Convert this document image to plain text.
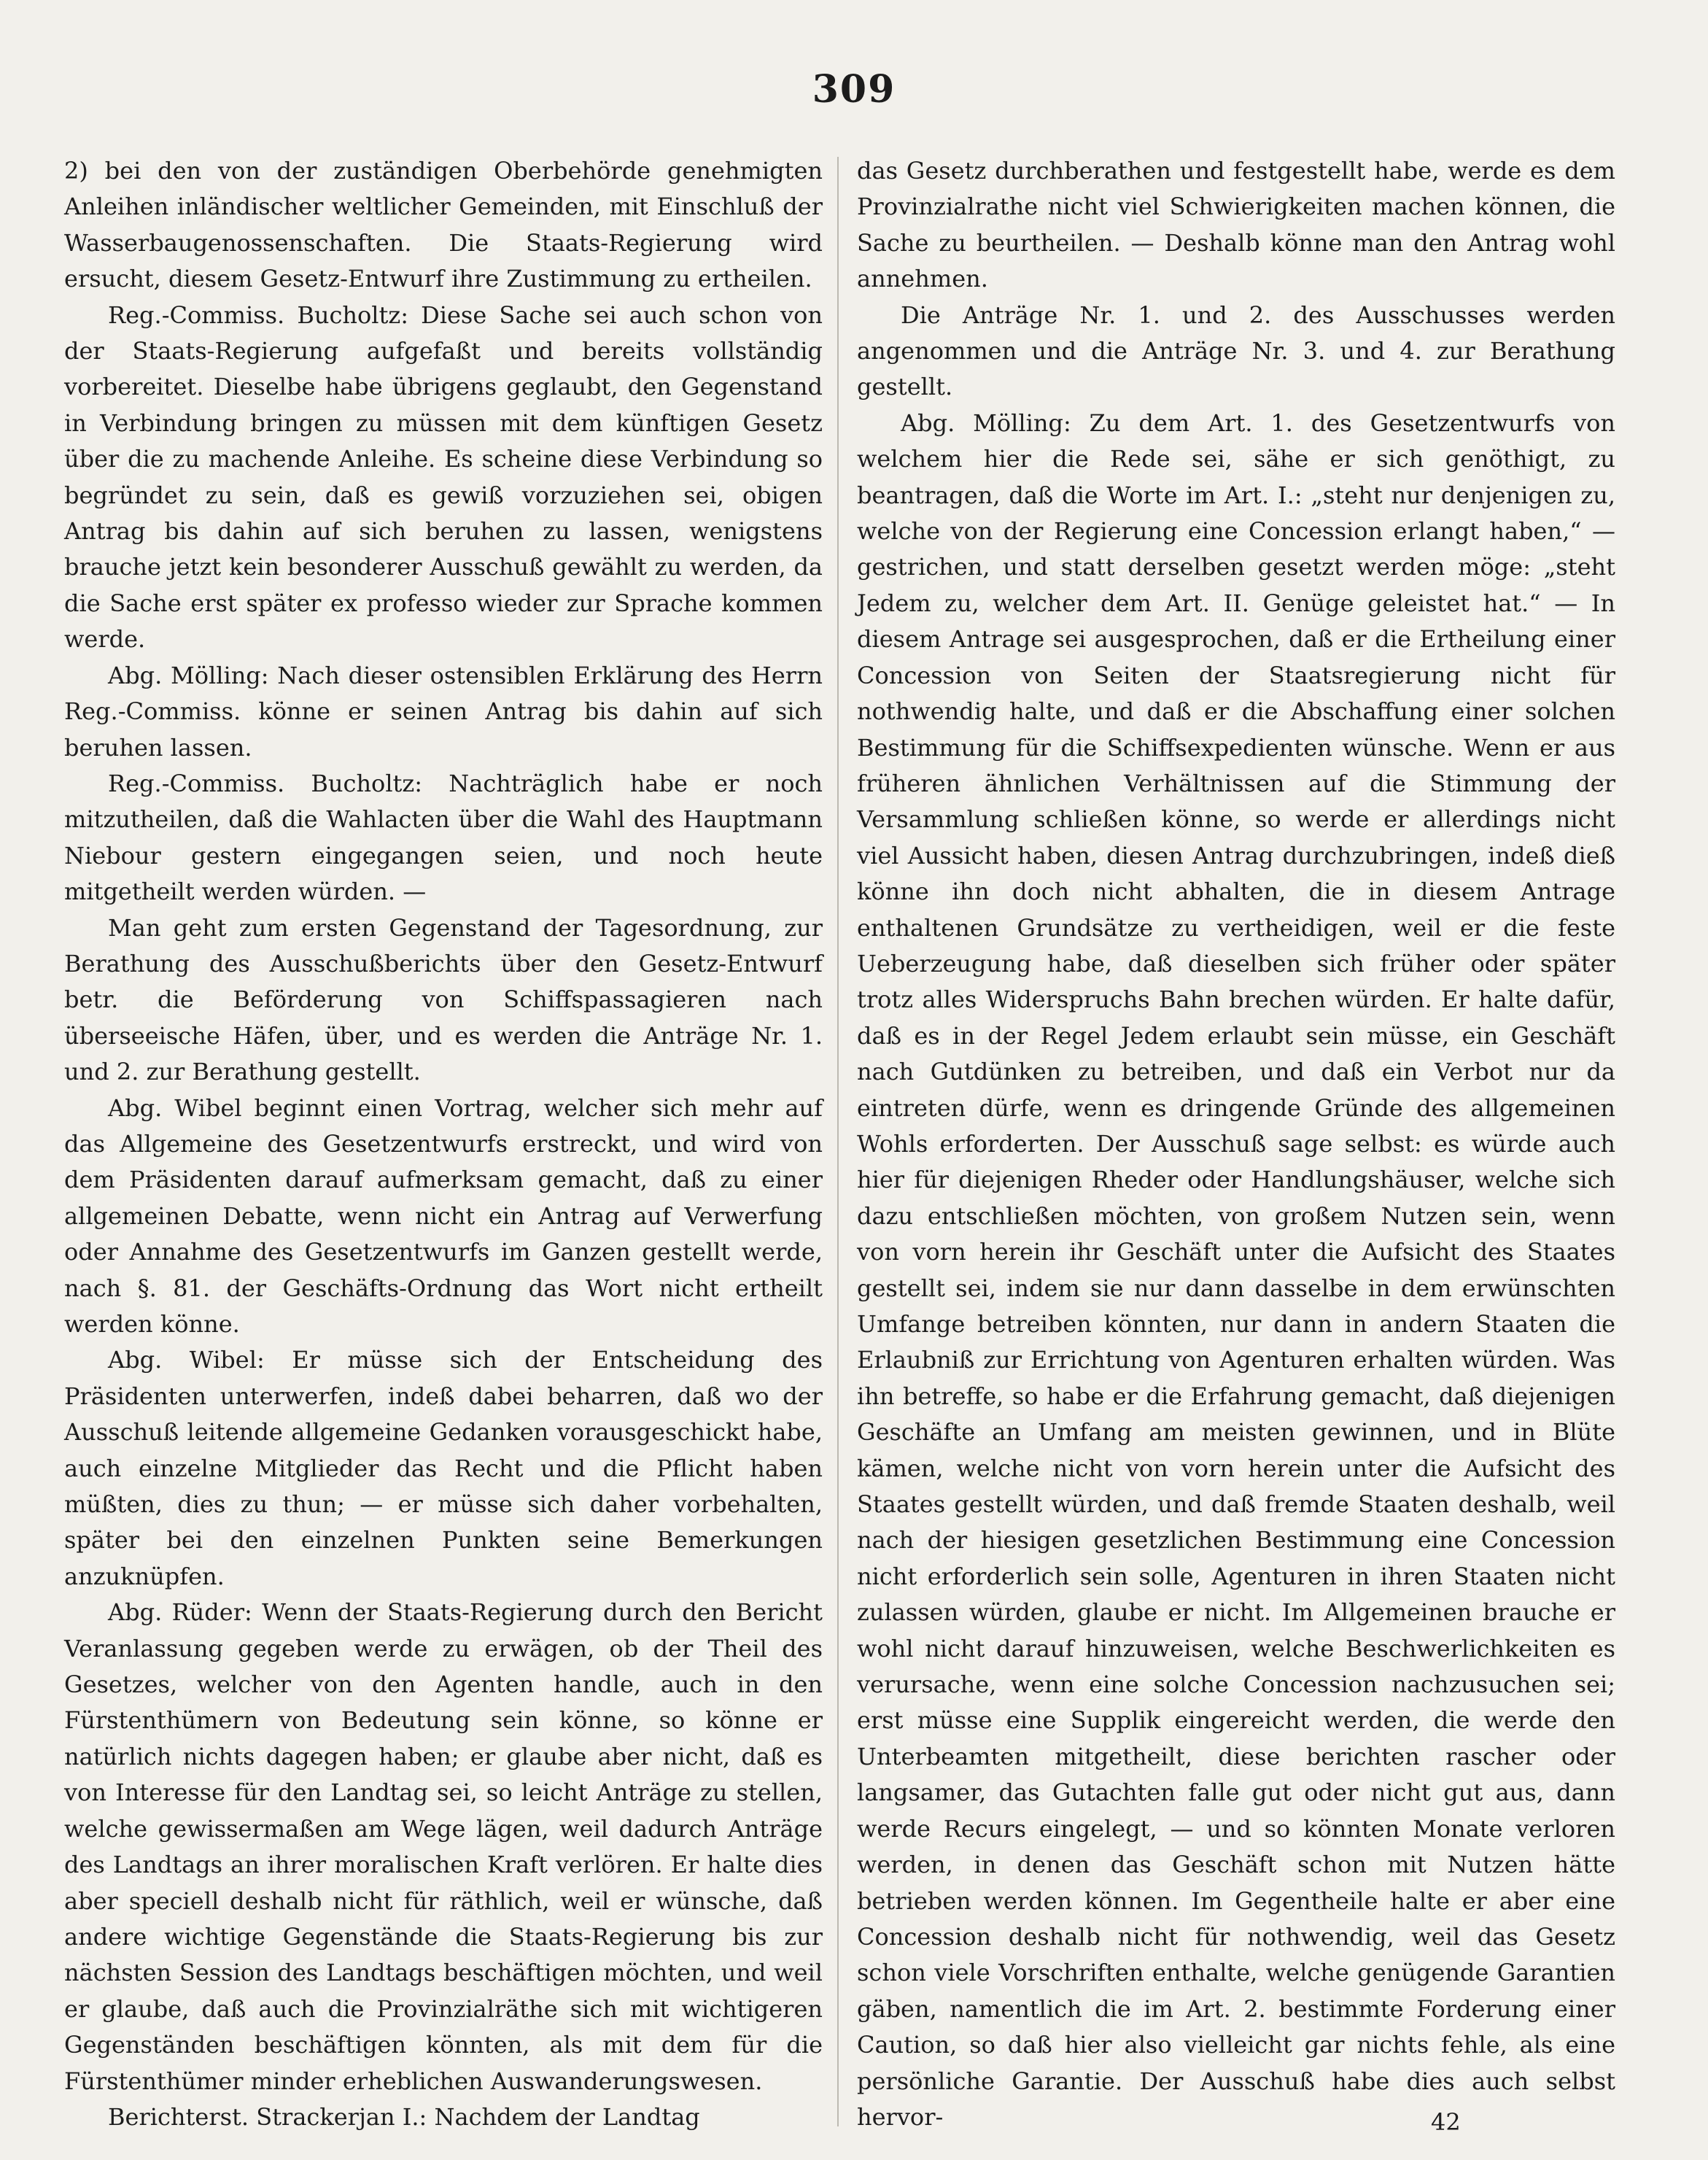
309

2) bei den von der zuständigen Oberbehörde genehmigten Anleihen inländischer weltlicher Gemeinden, mit Einschluß der Wasserbaugenossenschaften. Die Staats-Regierung wird ersucht, diesem Gesetz-Entwurf ihre Zustimmung zu ertheilen.

Reg.-Commiss. Bucholtz: Diese Sache sei auch schon von der Staats-Regierung aufgefaßt und bereits vollständig vorbereitet. Dieselbe habe übrigens geglaubt, den Gegenstand in Verbindung bringen zu müssen mit dem künftigen Gesetz über die zu machende Anleihe. Es scheine diese Verbindung so begründet zu sein, daß es gewiß vorzuziehen sei, obigen Antrag bis dahin auf sich beruhen zu lassen, wenigstens brauche jetzt kein besonderer Ausschuß gewählt zu werden, da die Sache erst später ex professo wieder zur Sprache kommen werde.

Abg. Mölling: Nach dieser ostensiblen Erklärung des Herrn Reg.-Commiss. könne er seinen Antrag bis dahin auf sich beruhen lassen.

Reg.-Commiss. Bucholtz: Nachträglich habe er noch mitzutheilen, daß die Wahlacten über die Wahl des Hauptmann Niebour gestern eingegangen seien, und noch heute mitgetheilt werden würden. —

Man geht zum ersten Gegenstand der Tagesordnung, zur Berathung des Ausschußberichts über den Gesetz-Entwurf betr. die Beförderung von Schiffspassagieren nach überseeische Häfen, über, und es werden die Anträge Nr. 1. und 2. zur Berathung gestellt.

Abg. Wibel beginnt einen Vortrag, welcher sich mehr auf das Allgemeine des Gesetzentwurfs erstreckt, und wird von dem Präsidenten darauf aufmerksam gemacht, daß zu einer allgemeinen Debatte, wenn nicht ein Antrag auf Verwerfung oder Annahme des Gesetzentwurfs im Ganzen gestellt werde, nach §. 81. der Geschäfts-Ordnung das Wort nicht ertheilt werden könne.

Abg. Wibel: Er müsse sich der Entscheidung des Präsidenten unterwerfen, indeß dabei beharren, daß wo der Ausschuß leitende allgemeine Gedanken vorausgeschickt habe, auch einzelne Mitglieder das Recht und die Pflicht haben müßten, dies zu thun; — er müsse sich daher vorbehalten, später bei den einzelnen Punkten seine Bemerkungen anzuknüpfen.

Abg. Rüder: Wenn der Staats-Regierung durch den Bericht Veranlassung gegeben werde zu erwägen, ob der Theil des Gesetzes, welcher von den Agenten handle, auch in den Fürstenthümern von Bedeutung sein könne, so könne er natürlich nichts dagegen haben; er glaube aber nicht, daß es von Interesse für den Landtag sei, so leicht Anträge zu stellen, welche gewissermaßen am Wege lägen, weil dadurch Anträge des Landtags an ihrer moralischen Kraft verlören. Er halte dies aber speciell deshalb nicht für räthlich, weil er wünsche, daß andere wichtige Gegenstände die Staats-Regierung bis zur nächsten Session des Landtags beschäftigen möchten, und weil er glaube, daß auch die Provinzialräthe sich mit wichtigeren Gegenständen beschäftigen könnten, als mit dem für die Fürstenthümer minder erheblichen Auswanderungswesen.

Berichterst. Strackerjan I.: Nachdem der Landtag

das Gesetz durchberathen und festgestellt habe, werde es dem Provinzialrathe nicht viel Schwierigkeiten machen können, die Sache zu beurtheilen. — Deshalb könne man den Antrag wohl annehmen.

Die Anträge Nr. 1. und 2. des Ausschusses werden angenommen und die Anträge Nr. 3. und 4. zur Berathung gestellt.

Abg. Mölling: Zu dem Art. 1. des Gesetzentwurfs von welchem hier die Rede sei, sähe er sich genöthigt, zu beantragen, daß die Worte im Art. I.: „steht nur denjenigen zu, welche von der Regierung eine Concession erlangt haben,“ — gestrichen, und statt derselben gesetzt werden möge: „steht Jedem zu, welcher dem Art. II. Genüge geleistet hat.“ — In diesem Antrage sei ausgesprochen, daß er die Ertheilung einer Concession von Seiten der Staatsregierung nicht für nothwendig halte, und daß er die Abschaffung einer solchen Bestimmung für die Schiffsexpedienten wünsche. Wenn er aus früheren ähnlichen Verhältnissen auf die Stimmung der Versammlung schließen könne, so werde er allerdings nicht viel Aussicht haben, diesen Antrag durchzubringen, indeß dieß könne ihn doch nicht abhalten, die in diesem Antrage enthaltenen Grundsätze zu vertheidigen, weil er die feste Ueberzeugung habe, daß dieselben sich früher oder später trotz alles Widerspruchs Bahn brechen würden. Er halte dafür, daß es in der Regel Jedem erlaubt sein müsse, ein Geschäft nach Gutdünken zu betreiben, und daß ein Verbot nur da eintreten dürfe, wenn es dringende Gründe des allgemeinen Wohls erforderten. Der Ausschuß sage selbst: es würde auch hier für diejenigen Rheder oder Handlungshäuser, welche sich dazu entschließen möchten, von großem Nutzen sein, wenn von vorn herein ihr Geschäft unter die Aufsicht des Staates gestellt sei, indem sie nur dann dasselbe in dem erwünschten Umfange betreiben könnten, nur dann in andern Staaten die Erlaubniß zur Errichtung von Agenturen erhalten würden. Was ihn betreffe, so habe er die Erfahrung gemacht, daß diejenigen Geschäfte an Umfang am meisten gewinnen, und in Blüte kämen, welche nicht von vorn herein unter die Aufsicht des Staates gestellt würden, und daß fremde Staaten deshalb, weil nach der hiesigen gesetzlichen Bestimmung eine Concession nicht erforderlich sein solle, Agenturen in ihren Staaten nicht zulassen würden, glaube er nicht. Im Allgemeinen brauche er wohl nicht darauf hinzuweisen, welche Beschwerlichkeiten es verursache, wenn eine solche Concession nachzusuchen sei; erst müsse eine Supplik eingereicht werden, die werde den Unterbeamten mitgetheilt, diese berichten rascher oder langsamer, das Gutachten falle gut oder nicht gut aus, dann werde Recurs eingelegt, — und so könnten Monate verloren werden, in denen das Geschäft schon mit Nutzen hätte betrieben werden können. Im Gegentheile halte er aber eine Concession deshalb nicht für nothwendig, weil das Gesetz schon viele Vorschriften enthalte, welche genügende Garantien gäben, namentlich die im Art. 2. bestimmte Forderung einer Caution, so daß hier also vielleicht gar nichts fehle, als eine persönliche Garantie. Der Ausschuß habe dies auch selbst hervor-	42
